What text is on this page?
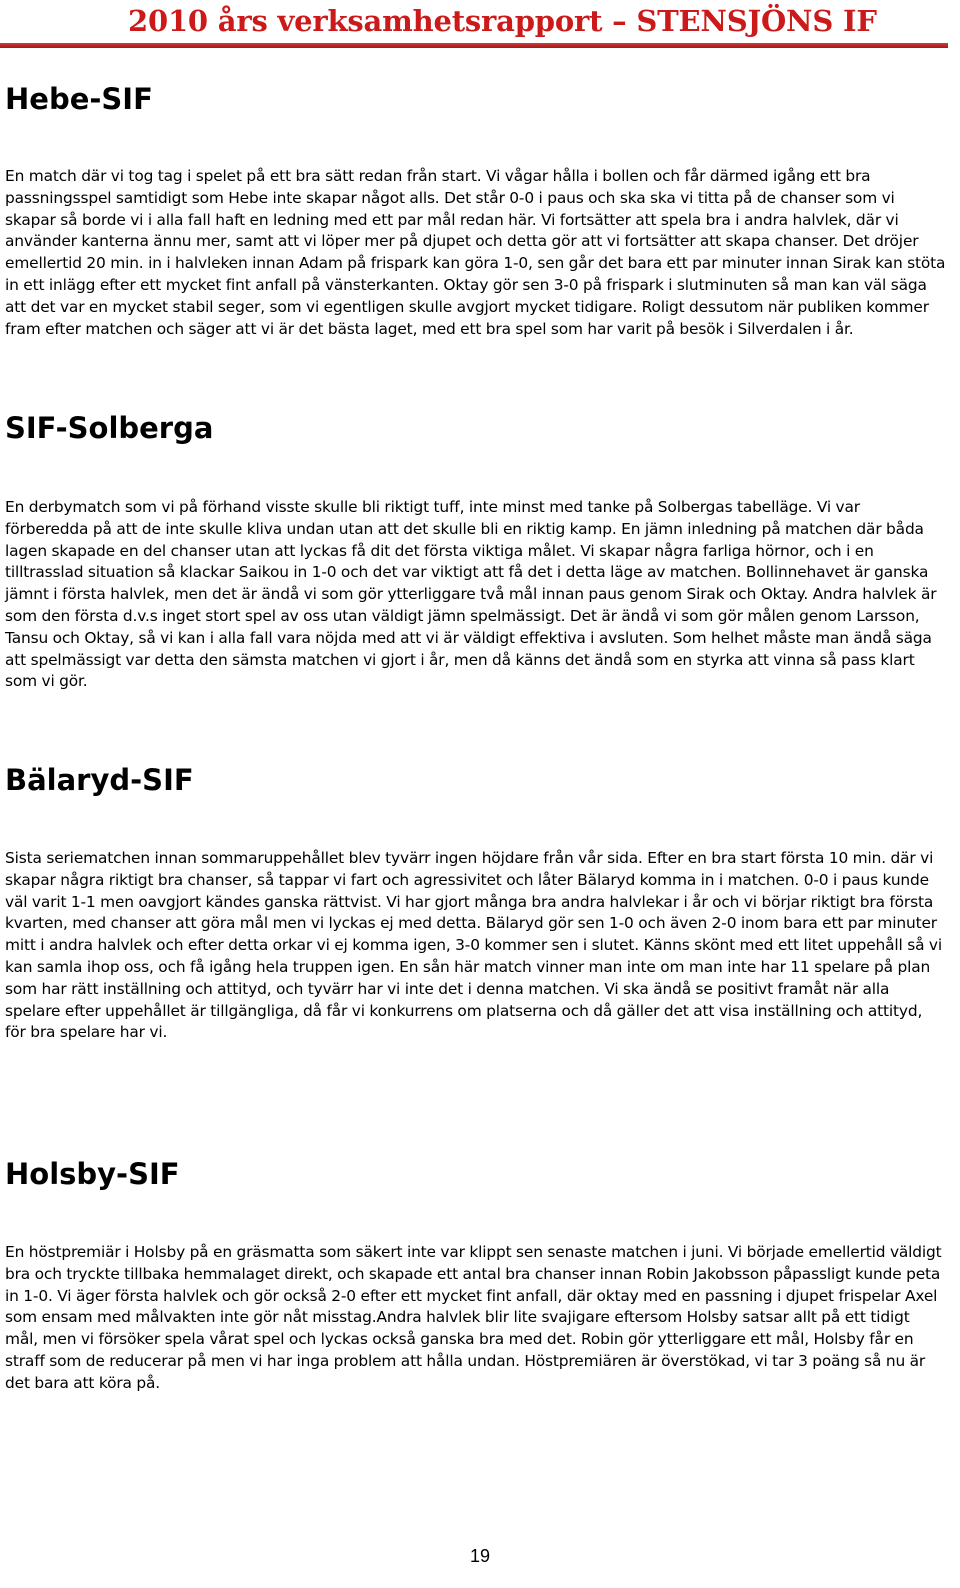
2010 års verksamhetsrapport – STENSJÖNS IF
Hebe-SIF
En match där vi tog tag i spelet på ett bra sätt redan från start. Vi vågar hålla i bollen och får därmed igång ett bra passningsspel samtidigt som Hebe inte skapar något alls. Det står 0-0 i paus och ska ska vi titta på de chanser som vi skapar så borde vi i alla fall haft en ledning med ett par mål redan här. Vi fortsätter att spela bra i andra halvlek, där vi använder kanterna ännu mer, samt att vi löper mer på djupet och detta gör att vi fortsätter att skapa chanser. Det dröjer emellertid 20 min. in i halvleken innan Adam på frispark kan göra 1-0, sen går det bara ett par minuter innan Sirak kan stöta in ett inlägg efter ett mycket fint anfall på vänsterkanten. Oktay gör sen 3-0 på frispark i slutminuten så man kan väl säga att det var en mycket stabil seger, som vi egentligen skulle avgjort mycket tidigare. Roligt dessutom när publiken kommer fram efter matchen och säger att vi är det bästa laget, med ett bra spel som har varit på besök i Silverdalen i år.
SIF-Solberga
En derbymatch som vi på förhand visste skulle bli riktigt tuff, inte minst med tanke på Solbergas tabelläge. Vi var förberedda på att de inte skulle kliva undan utan att det skulle bli en riktig kamp. En jämn inledning på matchen där båda lagen skapade en del chanser utan att lyckas få dit det första viktiga målet. Vi skapar några farliga hörnor, och i en tilltrasslad situation så klackar Saikou in 1-0 och det var viktigt att få det i detta läge av matchen. Bollinnehavet är ganska jämnt i första halvlek, men det är ändå vi som gör ytterliggare två mål innan paus genom Sirak och Oktay. Andra halvlek är som den första d.v.s inget stort spel av oss utan väldigt jämn spelmässigt. Det är ändå vi som gör målen genom Larsson, Tansu och Oktay, så vi kan i alla fall vara nöjda med att vi är väldigt effektiva i avsluten. Som helhet måste man ändå säga att spelmässigt var detta den sämsta matchen vi gjort i år, men då känns det ändå som en styrka att vinna så pass klart som vi gör.
Bälaryd-SIF
Sista seriematchen innan sommaruppehållet blev tyvärr ingen höjdare från vår sida. Efter en bra start första 10 min. där vi skapar några riktigt bra chanser, så tappar vi fart och agressivitet och låter Bälaryd komma in i matchen. 0-0 i paus kunde väl varit 1-1 men oavgjort kändes ganska rättvist. Vi har gjort många bra andra halvlekar i år och vi börjar riktigt bra första kvarten, med chanser att göra mål men vi lyckas ej med detta. Bälaryd gör sen 1-0 och även 2-0 inom bara ett par minuter mitt i andra halvlek och efter detta orkar vi ej komma igen, 3-0 kommer sen i slutet. Känns skönt med ett litet uppehåll så vi kan samla ihop oss, och få igång hela truppen igen. En sån här match vinner man inte om man inte har 11 spelare på plan som har rätt inställning och attityd, och tyvärr har vi inte det i denna matchen. Vi ska ändå se positivt framåt när alla spelare efter uppehållet är tillgängliga, då får vi konkurrens om platserna och då gäller det att visa inställning och attityd, för bra spelare har vi.
Holsby-SIF
En höstpremiär i Holsby på en gräsmatta som säkert inte var klippt sen senaste matchen i juni. Vi började emellertid väldigt bra och tryckte tillbaka hemmalaget direkt, och skapade ett antal bra chanser innan Robin Jakobsson påpassligt kunde peta in 1-0. Vi äger första halvlek och gör också 2-0 efter ett mycket fint anfall, där oktay med en passning i djupet frispelar Axel som ensam med målvakten inte gör nåt misstag.Andra halvlek blir lite svajigare eftersom Holsby satsar allt på ett tidigt mål, men vi försöker spela vårat spel och lyckas också ganska bra med det. Robin gör ytterliggare ett mål, Holsby får en straff som de reducerar på men vi har inga problem att hålla undan. Höstpremiären är överstökad, vi tar 3 poäng så nu är det bara att köra på.
19
